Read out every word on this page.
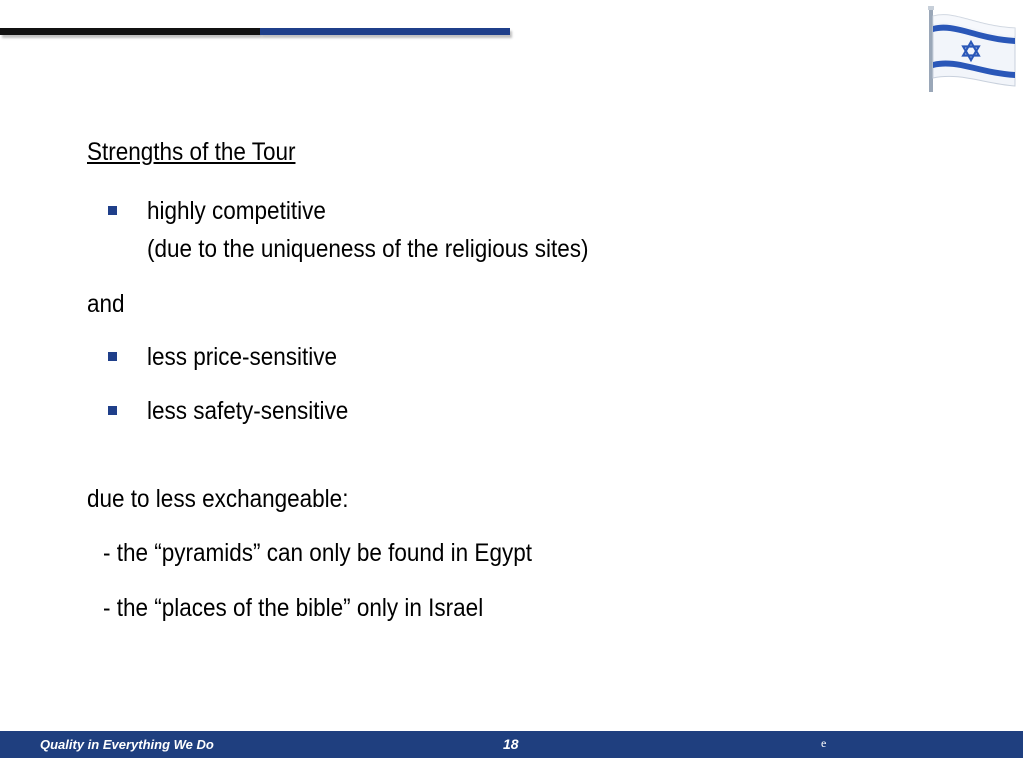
Strengths of the Tour
highly competitive
(due to the uniqueness of the religious sites)
and
less price-sensitive
less safety-sensitive
due to less exchangeable:
- the “pyramids” can only be found in Egypt
- the “places of the bible” only in Israel
Quality in Everything We Do	18	e
